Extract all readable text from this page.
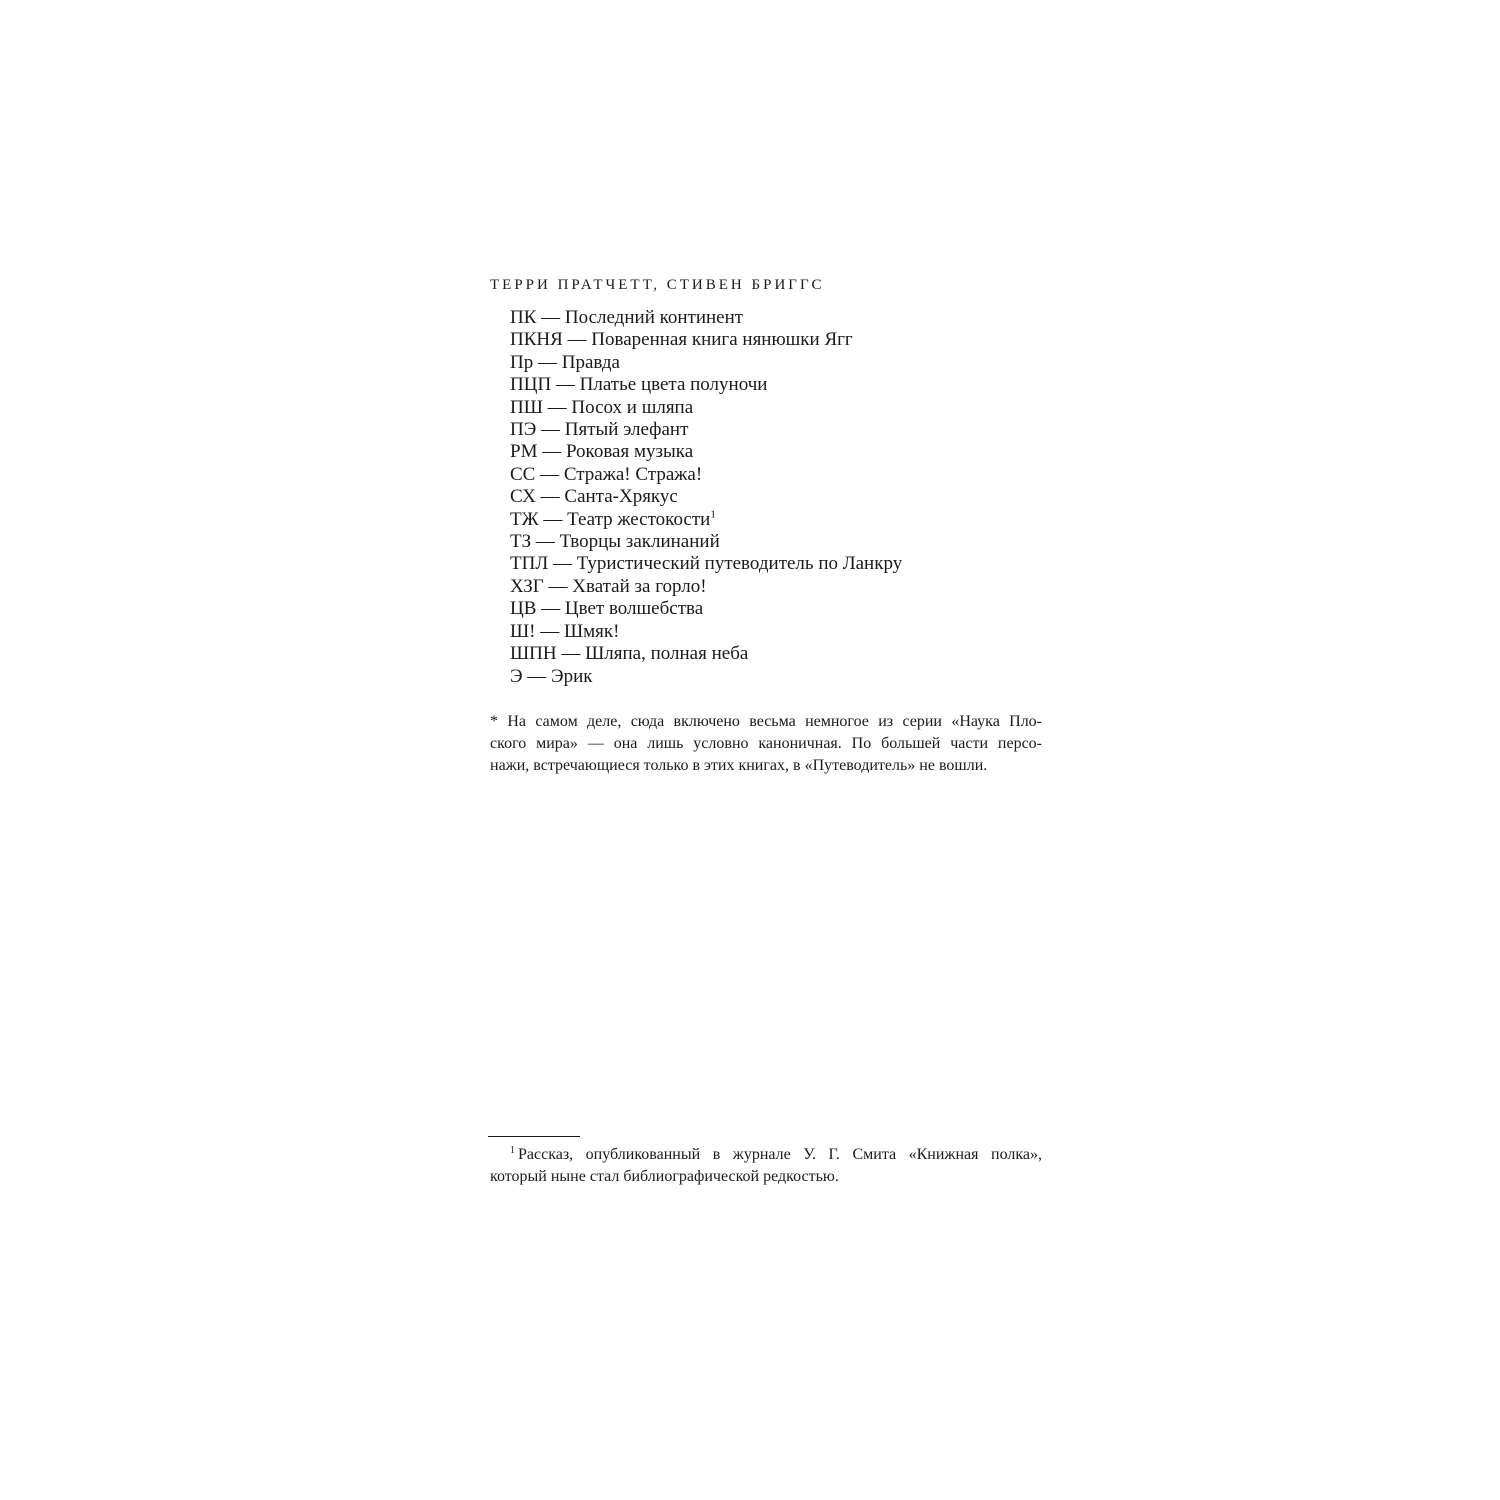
ТЕРРИ ПРАТЧЕТТ, СТИВЕН БРИГГС
ПК — Последний континент
ПКНЯ — Поваренная книга нянюшки Ягг
Пр — Правда
ПЦП — Платье цвета полуночи
ПШ — Посох и шляпа
ПЭ — Пятый элефант
РМ — Роковая музыка
СС — Стража! Стража!
СХ — Санта-Хрякус
ТЖ — Театр жестокости$^1$
ТЗ — Творцы заклинаний
ТПЛ — Туристический путеводитель по Ланкру
ХЗГ — Хватай за горло!
ЦВ — Цвет волшебства
Ш! — Шмяк!
ШПН — Шляпа, полная неба
Э — Эрик
* На самом деле, сюда включено весьма немногое из серии «Наука Пло-
ского мира» — она лишь условно каноничная. По большей части персо-
нажи, встречающиеся только в этих книгах, в «Путеводитель» не вошли.
$^1$ Рассказ, опубликованный в журнале У. Г. Смита «Книжная полка»,
который ныне стал библиографической редкостью.
